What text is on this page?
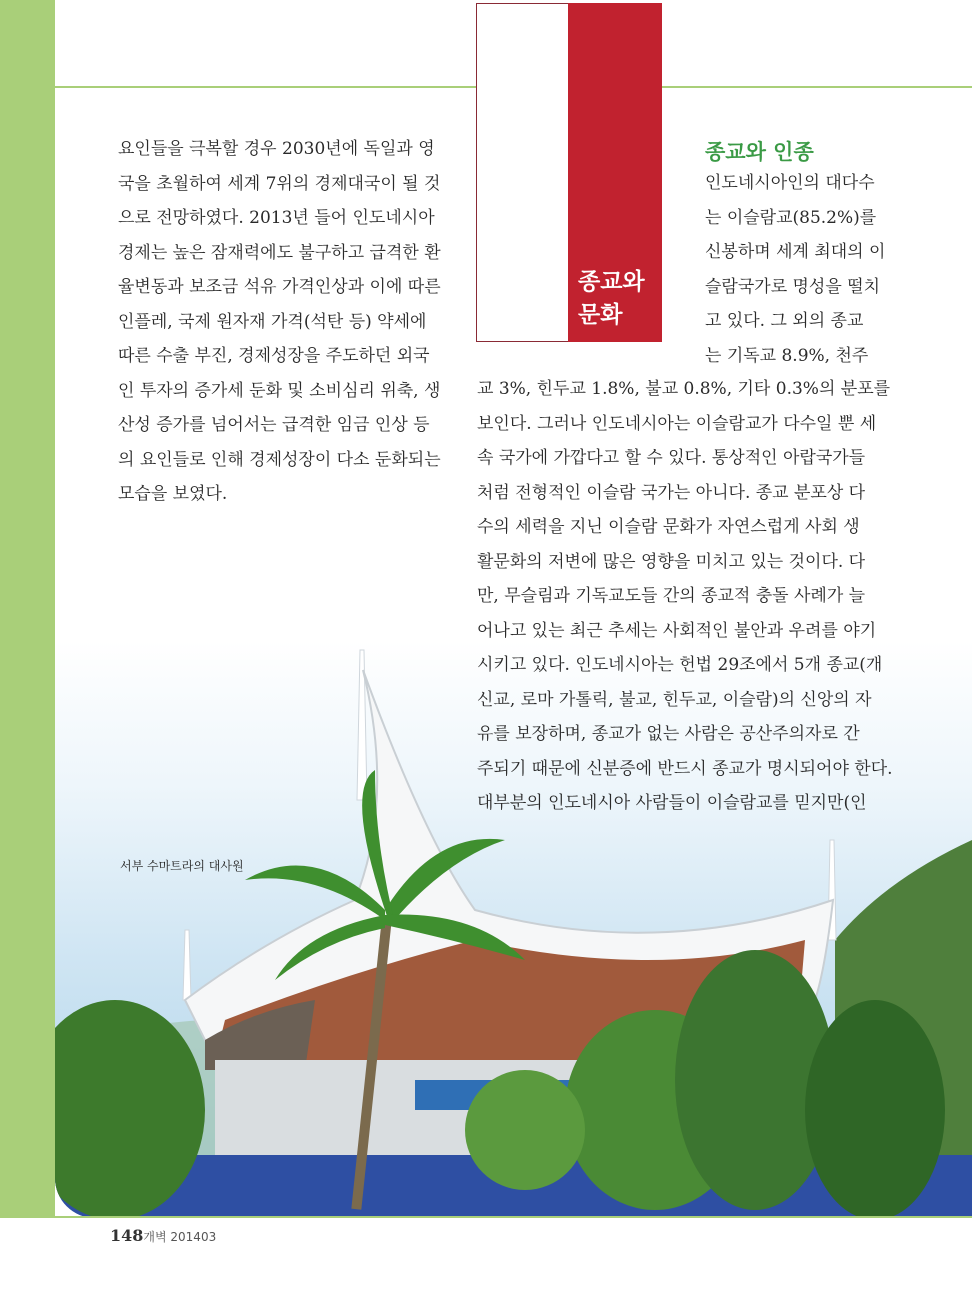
종교와
문화
요인들을 극복할 경우 2030년에 독일과 영
국을 초월하여 세계 7위의 경제대국이 될 것
으로 전망하였다. 2013년 들어 인도네시아
경제는 높은 잠재력에도 불구하고 급격한 환
율변동과 보조금 석유 가격인상과 이에 따른
인플레, 국제 원자재 가격(석탄 등) 약세에
따른 수출 부진, 경제성장을 주도하던 외국
인 투자의 증가세 둔화 및 소비심리 위축, 생
산성 증가를 넘어서는 급격한 임금 인상 등
의 요인들로 인해 경제성장이 다소 둔화되는
모습을 보였다.
종교와 인종
인도네시아인의 대다수
는 이슬람교(85.2%)를
신봉하며 세계 최대의 이
슬람국가로 명성을 떨치
고 있다. 그 외의 종교
는 기독교 8.9%, 천주
교 3%, 힌두교 1.8%, 불교 0.8%, 기타 0.3%의 분포를
보인다. 그러나 인도네시아는 이슬람교가 다수일 뿐 세
속 국가에 가깝다고 할 수 있다. 통상적인 아랍국가들
처럼 전형적인 이슬람 국가는 아니다. 종교 분포상 다
수의 세력을 지닌 이슬람 문화가 자연스럽게 사회 생
활문화의 저변에 많은 영향을 미치고 있는 것이다. 다
만, 무슬림과 기독교도들 간의 종교적 충돌 사례가 늘
어나고 있는 최근 추세는 사회적인 불안과 우려를 야기
시키고 있다. 인도네시아는 헌법 29조에서 5개 종교(개
신교, 로마 가톨릭, 불교, 힌두교, 이슬람)의 신앙의 자
유를 보장하며, 종교가 없는 사람은 공산주의자로 간
주되기 때문에 신분증에 반드시 종교가 명시되어야 한다.
대부분의 인도네시아 사람들이 이슬람교를 믿지만(인
서부 수마트라의 대사원
148개벽 201403
